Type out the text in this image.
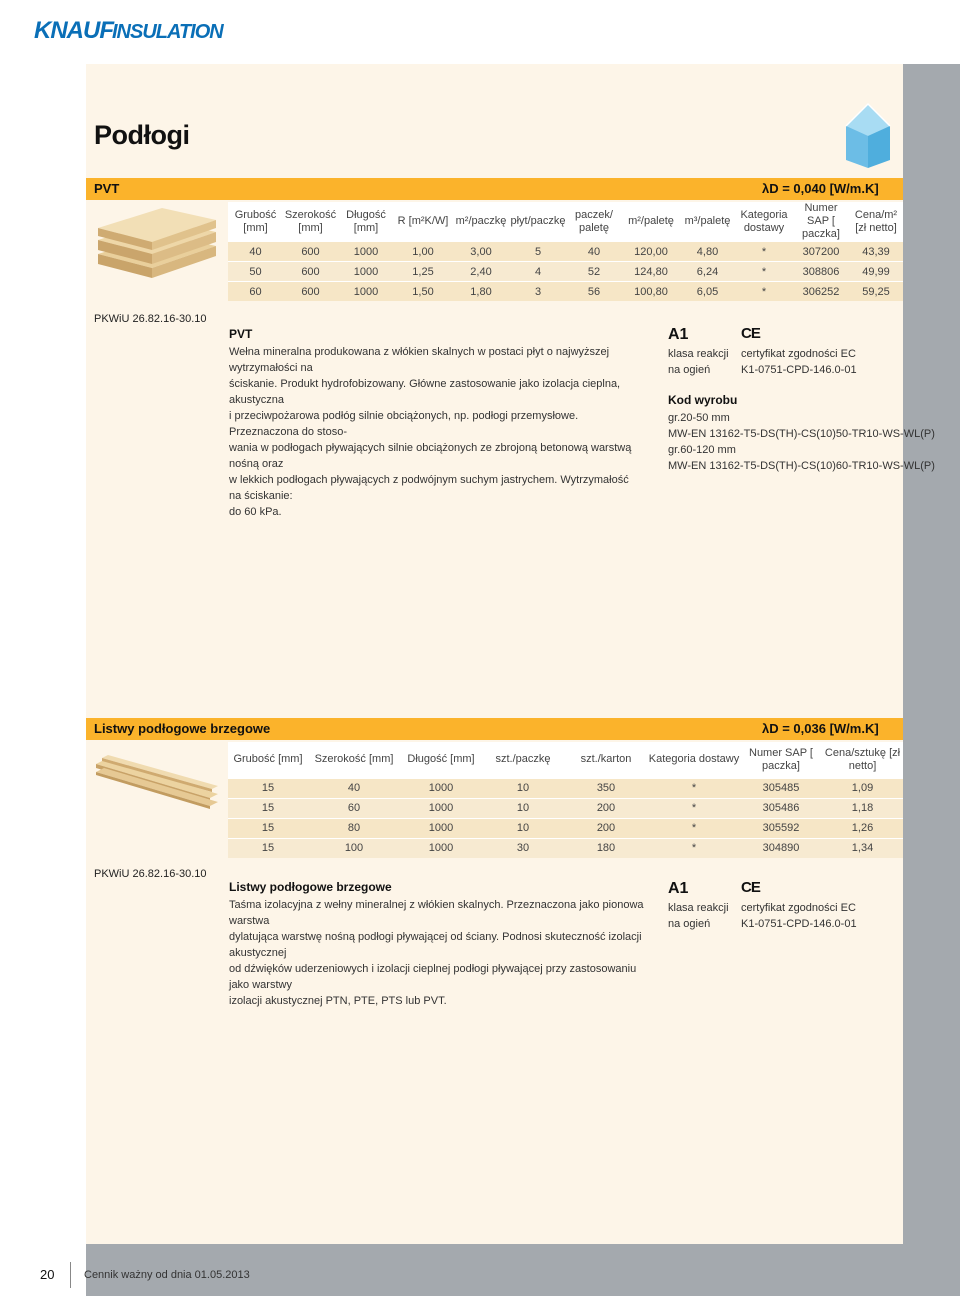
KNAUF INSULATION
Podłogi
PVT	λD = 0,040 [W/m.K]
PKWiU 26.82.16-30.10
Grubość [mm]	Szerokość [mm]	Długość [mm]	R [m²K/W]	m²/paczkę	płyt/paczkę	paczek/ paletę	m²/paletę	m³/paletę	Kategoria dostawy	Numer SAP [ paczka]	Cena/m² [zł netto]
40	600	1000	1,00	3,00	5	40	120,00	4,80	*	307200	43,39
50	600	1000	1,25	2,40	4	52	124,80	6,24	*	308806	49,99
60	600	1000	1,50	1,80	3	56	100,80	6,05	*	306252	59,25
PVT
Wełna mineralna produkowana z włókien skalnych w postaci płyt o najwyższej wytrzymałości na
ściskanie. Produkt hydrofobizowany. Główne zastosowanie jako izolacja cieplna, akustyczna
i przeciwpożarowa podłóg silnie obciążonych, np. podłogi przemysłowe. Przeznaczona do stoso-
wania w podłogach pływających silnie obciążonych ze zbrojoną betonową warstwą nośną oraz
w lekkich podłogach pływających z podwójnym suchym jastrychem. Wytrzymałość na ściskanie:
do 60 kPa.
A1
klasa reakcji
na ogień
CE
certyfikat zgodności EC
K1-0751-CPD-146.0-01
Kod wyrobu
gr.20-50 mm
MW-EN 13162-T5-DS(TH)-CS(10)50-TR10-WS-WL(P)
gr.60-120 mm
MW-EN 13162-T5-DS(TH)-CS(10)60-TR10-WS-WL(P)
Listwy podłogowe brzegowe	λD = 0,036 [W/m.K]
PKWiU 26.82.16-30.10
Grubość [mm]	Szerokość [mm]	Długość [mm]	szt./paczkę	szt./karton	Kategoria dostawy	Numer SAP [ paczka]	Cena/sztukę [zł netto]
15	40	1000	10	350	*	305485	1,09
15	60	1000	10	200	*	305486	1,18
15	80	1000	10	200	*	305592	1,26
15	100	1000	30	180	*	304890	1,34
Listwy podłogowe brzegowe
Taśma izolacyjna z wełny mineralnej z włókien skalnych. Przeznaczona jako pionowa warstwa
dylatująca warstwę nośną podłogi pływającej od ściany. Podnosi skuteczność izolacji akustycznej
od dźwięków uderzeniowych i izolacji cieplnej podłogi pływającej przy zastosowaniu jako warstwy
izolacji akustycznej PTN, PTE, PTS lub PVT.
A1
klasa reakcji
na ogień
CE
certyfikat zgodności EC
K1-0751-CPD-146.0-01
20	Cennik ważny od dnia 01.05.2013
